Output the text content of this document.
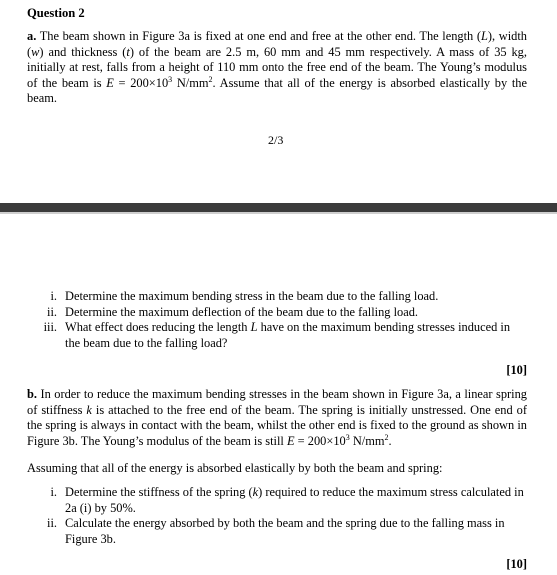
Question 2
a. The beam shown in Figure 3a is fixed at one end and free at the other end. The length (L), width (w) and thickness (t) of the beam are 2.5 m, 60 mm and 45 mm respectively. A mass of 35 kg, initially at rest, falls from a height of 110 mm onto the free end of the beam. The Young’s modulus of the beam is $E = 200\times 10^3$ $N/mm^2$. Assume that all of the energy is absorbed elastically by the beam.
2/3
i. Determine the maximum bending stress in the beam due to the falling load.
ii. Determine the maximum deflection of the beam due to the falling load.
iii. What effect does reducing the length L have on the maximum bending stresses induced in the beam due to the falling load?
[10]
b. In order to reduce the maximum bending stresses in the beam shown in Figure 3a, a linear spring of stiffness k is attached to the free end of the beam. The spring is initially unstressed. One end of the spring is always in contact with the beam, whilst the other end is fixed to the ground as shown in Figure 3b. The Young’s modulus of the beam is still $E = 200\times 10^3$ $N/mm^2$.
Assuming that all of the energy is absorbed elastically by both the beam and spring:
i. Determine the stiffness of the spring (k) required to reduce the maximum stress calculated in 2a (i) by 50%.
ii. Calculate the energy absorbed by both the beam and the spring due to the falling mass in Figure 3b.
[10]
